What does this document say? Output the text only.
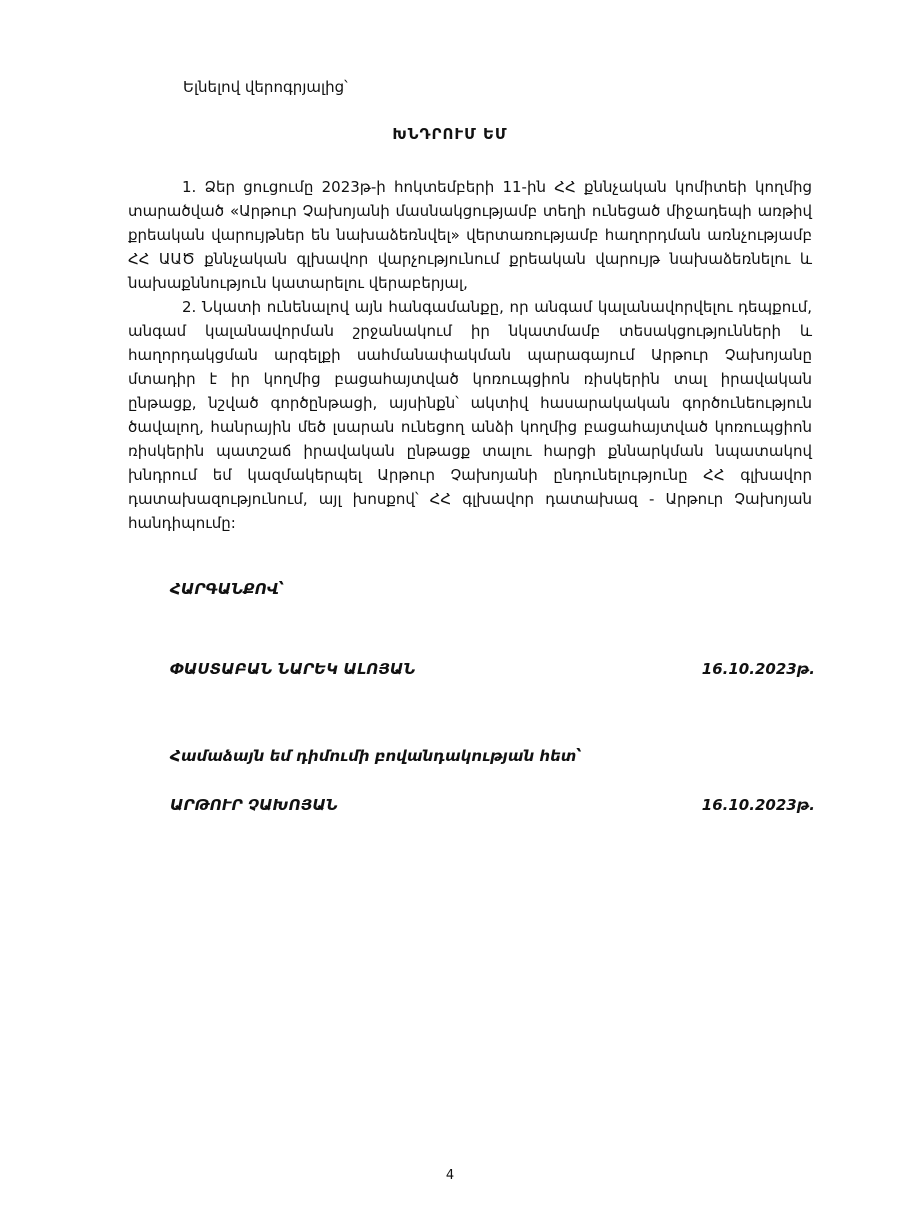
Ելնելով վերոգրյալից՝
ԽՆԴՐՈՒՄ ԵՄ

1. Ձեր ցուցումը 2023թ-ի հոկտեմբերի 11-ին ՀՀ քննչական կոմիտեի կողմից տարածված «Արթուր Չախոյանի մասնակցությամբ տեղի ունեցած միջադեպի առթիվ քրեական վարույթներ են նախաձեռնվել» վերտառությամբ հաղորդման առնչությամբ ՀՀ ԱԱԾ քննչական գլխավոր վարչությունում քրեական վարույթ նախաձեռնելու և նախաքննություն կատարելու վերաբերյալ,

2. Նկատի ունենալով այն հանգամանքը, որ անգամ կալանավորվելու դեպքում, անգամ կալանավորման շրջանակում իր նկատմամբ տեսակցությունների և հաղորդակցման արգելքի սահմանափակման պարագայում Արթուր Չախոյանը մտադիր է իր կողմից բացահայտված կոռուպցիոն ռիսկերին տալ իրավական ընթացք, նշված գործընթացի, այսինքն՝ ակտիվ հասարակական գործունեություն ծավալող, հանրային մեծ լսարան ունեցող անձի կողմից բացահայտված կոռուպցիոն ռիսկերին պատշաճ իրավական ընթացք տալու հարցի քննարկման նպատակով խնդրում եմ կազմակերպել Արթուր Չախոյանի ընդունելությունը ՀՀ գլխավոր դատախազությունում, այլ խոսքով՝ ՀՀ գլխավոր դատախազ - Արթուր Չախոյան հանդիպումը:

ՀԱՐԳԱՆՔՈՎ՝
ՓԱՍՏԱԲԱՆ ՆԱՐԵԿ ԱԼՈՅԱՆ	16.10.2023թ.
Համաձայն եմ դիմումի բովանդակության հետ՝
ԱՐԹՈՒՐ ՉԱԽՈՅԱՆ	16.10.2023թ.
4
